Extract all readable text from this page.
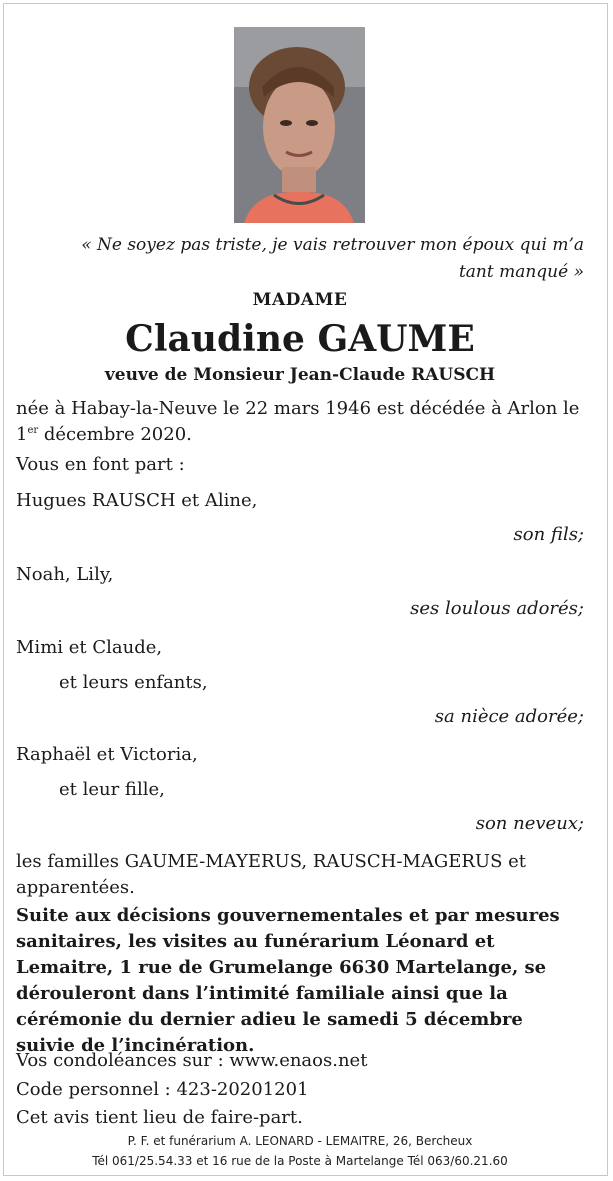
« Ne soyez pas triste, je vais retrouver mon époux qui m’a tant manqué »
MADAME
Claudine GAUME
veuve de Monsieur Jean-Claude RAUSCH
née à Habay-la-Neuve le 22 mars 1946 est décédée à Arlon le 1er décembre 2020.
Vous en font part :
Hugues RAUSCH et Aline,
son fils;
Noah, Lily,
ses loulous adorés;
Mimi et Claude,
et leurs enfants,
sa nièce adorée;
Raphaël et Victoria,
et leur fille,
son neveux;
les familles GAUME-MAYERUS, RAUSCH-MAGERUS et apparentées.
Suite aux décisions gouvernementales et par mesures sanitaires, les visites au funérarium Léonard et Lemaitre, 1 rue de Grumelange 6630 Martelange, se dérouleront dans l’intimité familiale ainsi que la cérémonie du dernier adieu le samedi 5 décembre suivie de l’incinération.
Vos condoléances sur : www.enaos.net
Code personnel : 423-20201201
Cet avis tient lieu de faire-part.
P. F. et funérarium A. LEONARD - LEMAITRE, 26, Bercheux
Tél 061/25.54.33 et 16 rue de la Poste à Martelange Tél 063/60.21.60
